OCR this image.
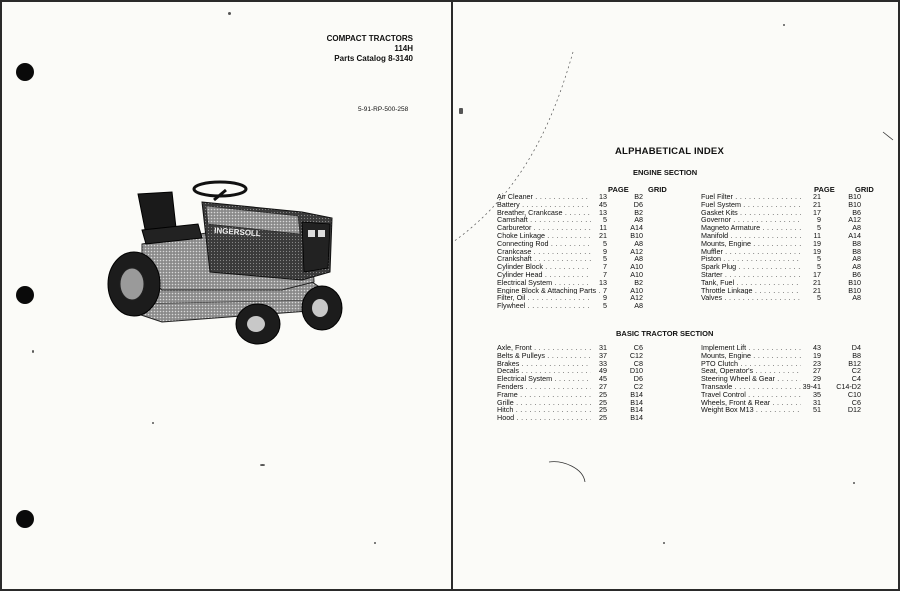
COMPACT TRACTORS
114H
Parts Catalog 8-3140
5-91-RP-500-258
INGERSOLL
ALPHABETICAL INDEX
ENGINE SECTION
PAGE	GRID	PAGE	GRID
Air Cleaner . . .	13	B2
Battery . . .	45	D6
Breather, Crankcase . . .	13	B2
Camshaft . . .	5	A8
Carburetor . . .	11	A14
Choke Linkage . . .	21	B10
Connecting Rod . . .	5	A8
Crankcase . . .	9	A12
Crankshaft . . .	5	A8
Cylinder Block . . .	7	A10
Cylinder Head . . .	7	A10
Electrical System . . .	13	B2
Engine Block & Attaching Parts . . . 7	A10
Filter, Oil . . .	9	A12
Flywheel . . .	5	A8
Fuel Filter . . .	21	B10
Fuel System . . .	21	B10
Gasket Kits . . .	17	B6
Governor . . .	9	A12
Magneto Armature . . .	5	A8
Manifold . . .	11	A14
Mounts, Engine . . .	19	B8
Muffler . . .	19	B8
Piston . . .	5	A8
Spark Plug . . .	5	A8
Starter . . .	17	B6
Tank, Fuel . . .	21	B10
Throttle Linkage . . .	21	B10
Valves . . .	5	A8
BASIC TRACTOR SECTION
Axle, Front . . .	31	C6
Belts & Pulleys . . .	37	C12
Brakes . . .	33	C8
Decals . . .	49	D10
Electrical System . . .	45	D6
Fenders . . .	27	C2
Frame . . .	25	B14
Grille . . .	25	B14
Hitch . . .	25	B14
Hood . . .	25	B14
Implement Lift . . .	43	D4
Mounts, Engine . . .	19	B8
PTO Clutch . . .	23	B12
Seat, Operator's . . .	27	C2
Steering Wheel & Gear . . .	29	C4
Transaxle . . .	39-41	C14-D2
Travel Control . . .	35	C10
Wheels, Front & Rear . . .	31	C6
Weight Box M13 . . .	51	D12
